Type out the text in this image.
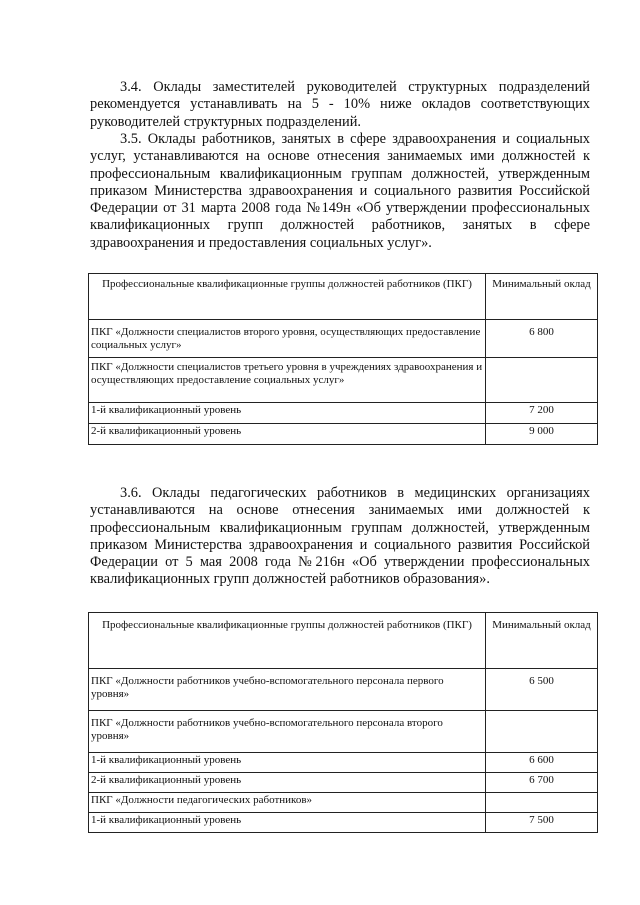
3.4. Оклады заместителей руководителей структурных подразделений рекомендуется устанавливать на 5 - 10% ниже окладов соответствующих руководителей структурных подразделений.

3.5. Оклады работников, занятых в сфере здравоохранения и социальных услуг, устанавливаются на основе отнесения занимаемых ими должностей к профессиональным квалификационным группам должностей, утвержденным приказом Министерства здравоохранения и социального развития Российской Федерации от 31 марта 2008 года №149н «Об утверждении профессиональных квалификационных групп должностей работников, занятых в сфере здравоохранения и предоставления социальных услуг».

Профессиональные квалификационные группы должностей работников (ПКГ)	Минимальный оклад
ПКГ «Должности специалистов второго уровня, осуществляющих предоставление социальных услуг»	6 800
ПКГ «Должности специалистов третьего уровня в учреждениях здравоохранения и осуществляющих предоставление социальных услуг»	
1-й квалификационный уровень	7 200
2-й квалификационный уровень	9 000

3.6. Оклады педагогических работников в медицинских организациях устанавливаются на основе отнесения занимаемых ими должностей к профессиональным квалификационным группам должностей, утвержденным приказом Министерства здравоохранения и социального развития Российской Федерации от 5 мая 2008 года №216н «Об утверждении профессиональных квалификационных групп должностей работников образования».

Профессиональные квалификационные группы должностей работников (ПКГ)	Минимальный оклад
ПКГ «Должности работников учебно-вспомогательного персонала первого уровня»	6 500
ПКГ «Должности работников учебно-вспомогательного персонала второго уровня»	
1-й квалификационный уровень	6 600
2-й квалификационный уровень	6 700
ПКГ «Должности педагогических работников»	
1-й квалификационный уровень	7 500
